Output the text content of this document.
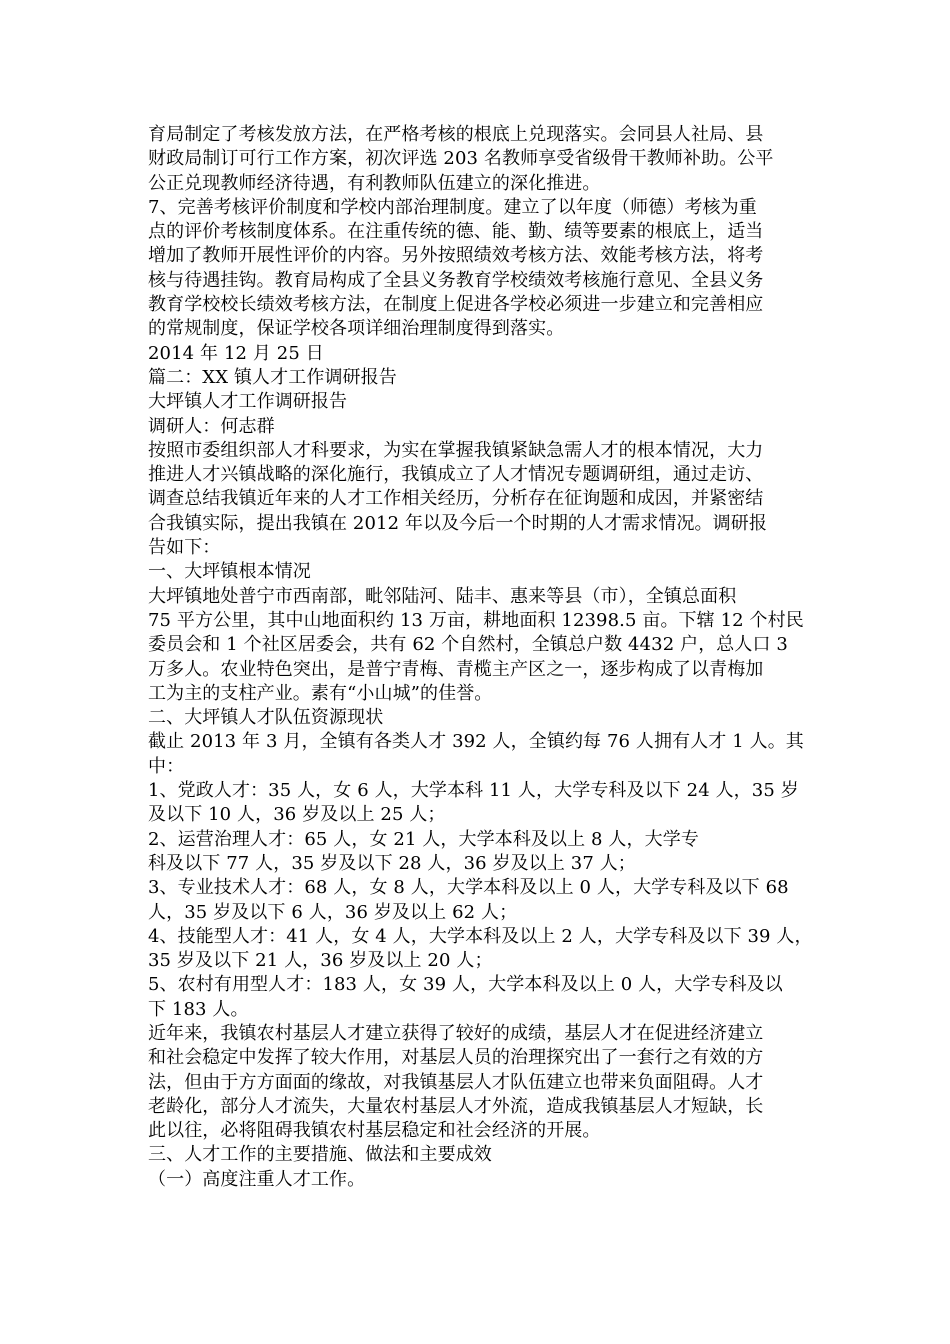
育局制定了考核发放方法，在严格考核的根底上兑现落实。会同县人社局、县
财政局制订可行工作方案，初次评选 203 名教师享受省级骨干教师补助。公平
公正兑现教师经济待遇，有利教师队伍建立的深化推进。
7、完善考核评价制度和学校内部治理制度。建立了以年度（师德）考核为重
点的评价考核制度体系。在注重传统的德、能、勤、绩等要素的根底上，适当
增加了教师开展性评价的内容。另外按照绩效考核方法、效能考核方法，将考
核与待遇挂钩。教育局构成了全县义务教育学校绩效考核施行意见、全县义务
教育学校校长绩效考核方法，在制度上促进各学校必须进一步建立和完善相应
的常规制度，保证学校各项详细治理制度得到落实。
2014 年 12 月 25 日
篇二：XX 镇人才工作调研报告
大坪镇人才工作调研报告
调研人：何志群
按照市委组织部人才科要求，为实在掌握我镇紧缺急需人才的根本情况，大力
推进人才兴镇战略的深化施行，我镇成立了人才情况专题调研组，通过走访、
调查总结我镇近年来的人才工作相关经历，分析存在征询题和成因，并紧密结
合我镇实际，提出我镇在 2012 年以及今后一个时期的人才需求情况。调研报
告如下：
一、大坪镇根本情况
大坪镇地处普宁市西南部，毗邻陆河、陆丰、惠来等县（市），全镇总面积
75 平方公里，其中山地面积约 13 万亩，耕地面积 12398.5 亩。下辖 12 个村民
委员会和 1 个社区居委会，共有 62 个自然村，全镇总户数 4432 户，总人口 3
万多人。农业特色突出，是普宁青梅、青榄主产区之一，逐步构成了以青梅加
工为主的支柱产业。素有“小山城”的佳誉。
二、大坪镇人才队伍资源现状
截止 2013 年 3 月，全镇有各类人才 392 人，全镇约每 76 人拥有人才 1 人。其
中：
1、党政人才：35 人，女 6 人，大学本科 11 人，大学专科及以下 24 人，35 岁
及以下 10 人，36 岁及以上 25 人；
2、运营治理人才：65 人，女 21 人，大学本科及以上 8 人，大学专
科及以下 77 人，35 岁及以下 28 人，36 岁及以上 37 人；
3、专业技术人才：68 人，女 8 人，大学本科及以上 0 人，大学专科及以下 68
人，35 岁及以下 6 人，36 岁及以上 62 人；
4、技能型人才：41 人，女 4 人，大学本科及以上 2 人，大学专科及以下 39 人，
35 岁及以下 21 人，36 岁及以上 20 人；
5、农村有用型人才：183 人，女 39 人，大学本科及以上 0 人，大学专科及以
下 183 人。
近年来，我镇农村基层人才建立获得了较好的成绩，基层人才在促进经济建立
和社会稳定中发挥了较大作用，对基层人员的治理探究出了一套行之有效的方
法，但由于方方面面的缘故，对我镇基层人才队伍建立也带来负面阻碍。人才
老龄化，部分人才流失，大量农村基层人才外流，造成我镇基层人才短缺，长
此以往，必将阻碍我镇农村基层稳定和社会经济的开展。
三、人才工作的主要措施、做法和主要成效
（一）高度注重人才工作。
